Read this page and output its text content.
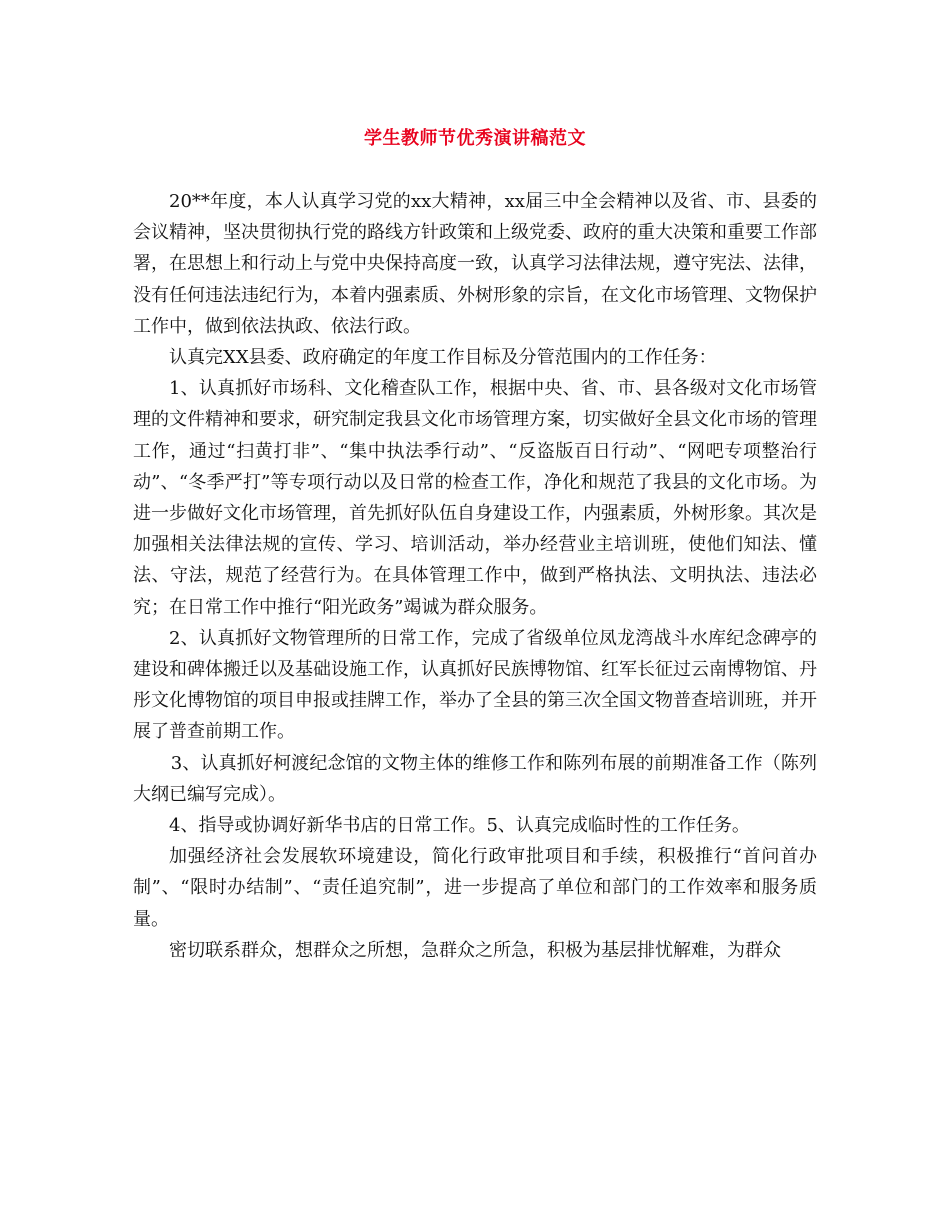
学生教师节优秀演讲稿范文

20**年度，本人认真学习党的xx大精神，xx届三中全会精神以及省、市、县委的会议精神，坚决贯彻执行党的路线方针政策和上级党委、政府的重大决策和重要工作部署，在思想上和行动上与党中央保持高度一致，认真学习法律法规，遵守宪法、法律，没有任何违法违纪行为，本着内强素质、外树形象的宗旨，在文化市场管理、文物保护工作中，做到依法执政、依法行政。

认真完XX县委、政府确定的年度工作目标及分管范围内的工作任务：

1、认真抓好市场科、文化稽查队工作，根据中央、省、市、县各级对文化市场管理的文件精神和要求，研究制定我县文化市场管理方案，切实做好全县文化市场的管理工作，通过“扫黄打非”、“集中执法季行动”、“反盗版百日行动”、“网吧专项整治行动”、“冬季严打”等专项行动以及日常的检查工作，净化和规范了我县的文化市场。为进一步做好文化市场管理，首先抓好队伍自身建设工作，内强素质，外树形象。其次是加强相关法律法规的宣传、学习、培训活动，举办经营业主培训班，使他们知法、懂法、守法，规范了经营行为。在具体管理工作中，做到严格执法、文明执法、违法必究；在日常工作中推行“阳光政务”竭诚为群众服务。

2、认真抓好文物管理所的日常工作，完成了省级单位凤龙湾战斗水库纪念碑亭的建设和碑体搬迁以及基础设施工作，认真抓好民族博物馆、红军长征过云南博物馆、丹彤文化博物馆的项目申报或挂牌工作，举办了全县的第三次全国文物普查培训班，并开展了普查前期工作。

3、认真抓好柯渡纪念馆的文物主体的维修工作和陈列布展的前期准备工作（陈列大纲已编写完成）。

4、指导或协调好新华书店的日常工作。5、认真完成临时性的工作任务。

加强经济社会发展软环境建设，简化行政审批项目和手续，积极推行“首问首办制”、“限时办结制”、“责任追究制”，进一步提高了单位和部门的工作效率和服务质量。

密切联系群众，想群众之所想，急群众之所急，积极为基层排忧解难，为群众
